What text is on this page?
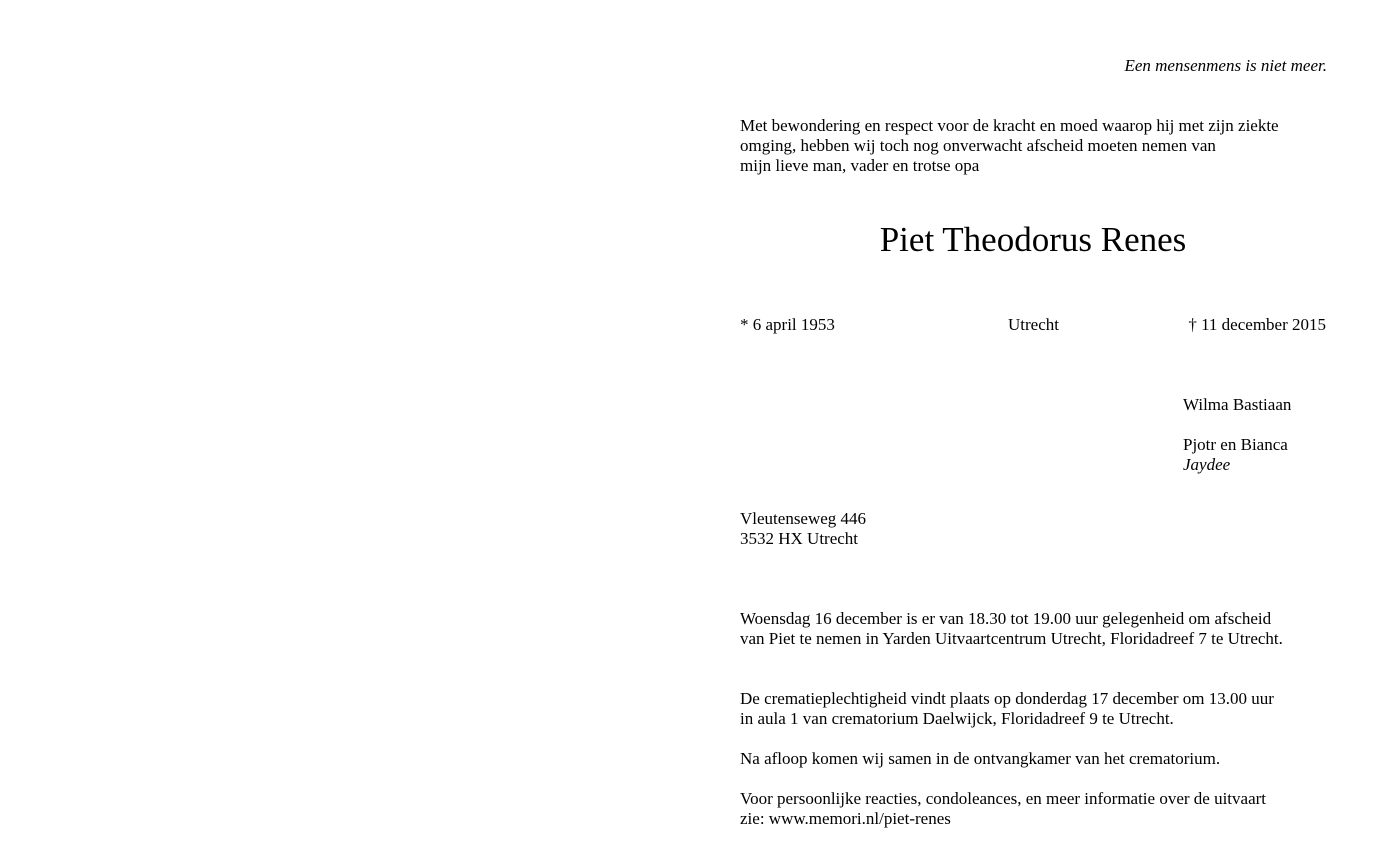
Een mensenmens is niet meer.
Met bewondering en respect voor de kracht en moed waarop hij met zijn ziekte
omging, hebben wij toch nog onverwacht afscheid moeten nemen van
mijn lieve man, vader en trotse opa
Piet Theodorus Renes
* 6 april 1953	Utrecht	† 11 december 2015
Wilma Bastiaan
Pjotr en Bianca
Jaydee
Vleutenseweg 446
3532 HX Utrecht

Woensdag 16 december is er van 18.30 tot 19.00 uur gelegenheid om afscheid
van Piet te nemen in Yarden Uitvaartcentrum Utrecht, Floridadreef 7 te Utrecht.

De crematieplechtigheid vindt plaats op donderdag 17 december om 13.00 uur
in aula 1 van crematorium Daelwijck, Floridadreef 9 te Utrecht.
Na afloop komen wij samen in de ontvangkamer van het crematorium.
Voor persoonlijke reacties, condoleances, en meer informatie over de uitvaart
zie: www.memori.nl/piet-renes
